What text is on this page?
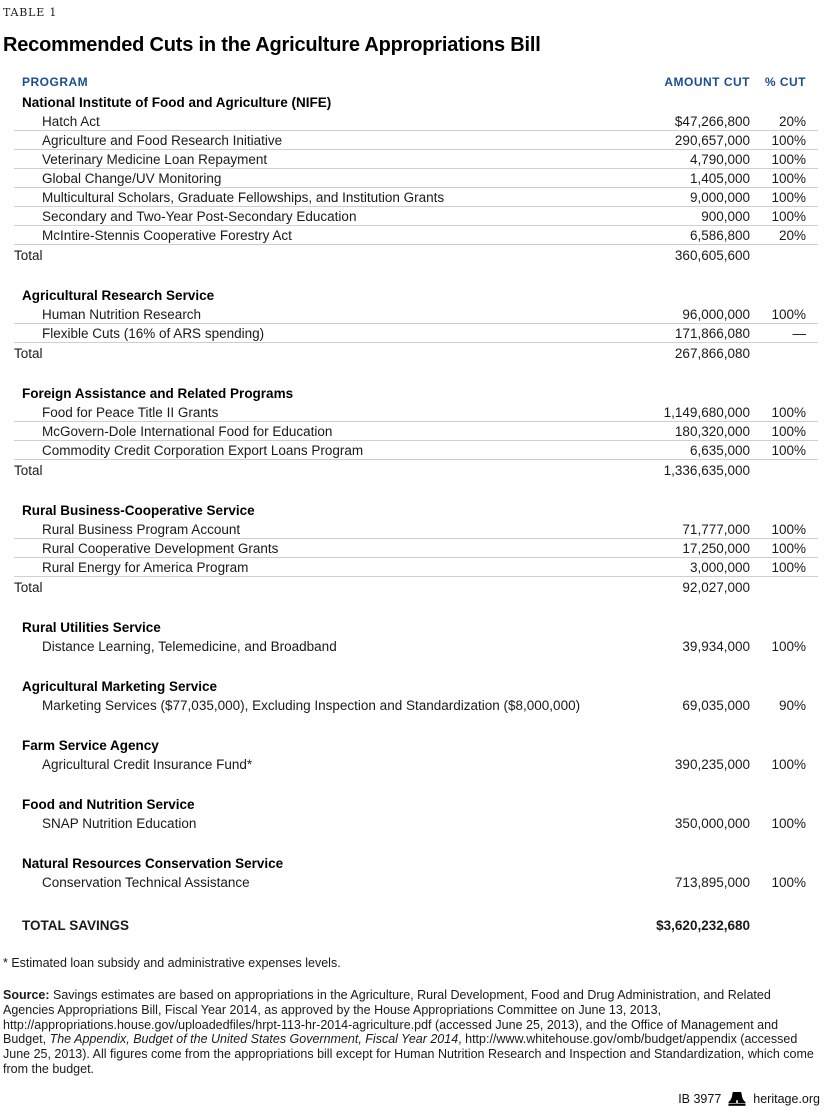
TABLE 1
Recommended Cuts in the Agriculture Appropriations Bill
PROGRAM	AMOUNT CUT	% CUT
National Institute of Food and Agriculture (NIFE)
Hatch Act	$47,266,800	20%
Agriculture and Food Research Initiative	290,657,000	100%
Veterinary Medicine Loan Repayment	4,790,000	100%
Global Change/UV Monitoring	1,405,000	100%
Multicultural Scholars, Graduate Fellowships, and Institution Grants	9,000,000	100%
Secondary and Two-Year Post-Secondary Education	900,000	100%
McIntire-Stennis Cooperative Forestry Act	6,586,800	20%
Total	360,605,600
Agricultural Research Service
Human Nutrition Research	96,000,000	100%
Flexible Cuts (16% of ARS spending)	171,866,080	—
Total	267,866,080
Foreign Assistance and Related Programs
Food for Peace Title II Grants	1,149,680,000	100%
McGovern-Dole International Food for Education	180,320,000	100%
Commodity Credit Corporation Export Loans Program	6,635,000	100%
Total	1,336,635,000
Rural Business-Cooperative Service
Rural Business Program Account	71,777,000	100%
Rural Cooperative Development Grants	17,250,000	100%
Rural Energy for America Program	3,000,000	100%
Total	92,027,000
Rural Utilities Service
Distance Learning, Telemedicine, and Broadband	39,934,000	100%
Agricultural Marketing Service
Marketing Services ($77,035,000), Excluding Inspection and Standardization ($8,000,000)	69,035,000	90%
Farm Service Agency
Agricultural Credit Insurance Fund*	390,235,000	100%
Food and Nutrition Service
SNAP Nutrition Education	350,000,000	100%
Natural Resources Conservation Service
Conservation Technical Assistance	713,895,000	100%
TOTAL SAVINGS	$3,620,232,680
* Estimated loan subsidy and administrative expenses levels.
Source: Savings estimates are based on appropriations in the Agriculture, Rural Development, Food and Drug Administration, and Related Agencies Appropriations Bill, Fiscal Year 2014, as approved by the House Appropriations Committee on June 13, 2013, http://appropriations.house.gov/uploadedfiles/hrpt-113-hr-2014-agriculture.pdf (accessed June 25, 2013), and the Office of Management and Budget, The Appendix, Budget of the United States Government, Fiscal Year 2014, http://www.whitehouse.gov/omb/budget/appendix (accessed June 25, 2013). All figures come from the appropriations bill except for Human Nutrition Research and Inspection and Standardization, which come from the budget.
IB 3977	heritage.org
